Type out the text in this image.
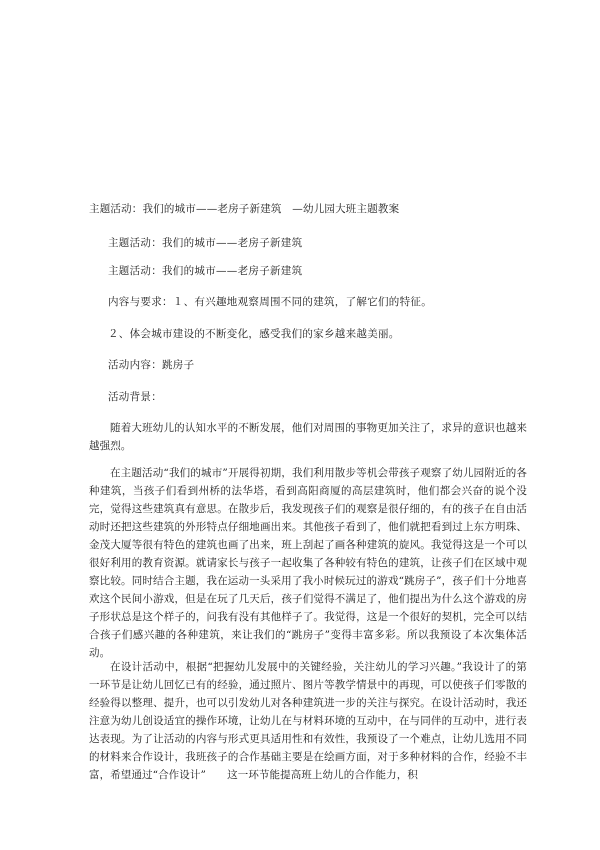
主题活动：我们的城市——老房子新建筑　—幼儿园大班主题教案
主题活动：我们的城市——老房子新建筑
主题活动：我们的城市——老房子新建筑
内容与要求：１、有兴趣地观察周围不同的建筑，了解它们的特征。
２、体会城市建设的不断变化，感受我们的家乡越来越美丽。
活动内容：跳房子
活动背景：
随着大班幼儿的认知水平的不断发展，他们对周围的事物更加关注了，求异的意识也越来越强烈。
在主题活动“我们的城市”开展得初期，我们利用散步等机会带孩子观察了幼儿园附近的各种建筑，当孩子们看到州桥的法华塔，看到高阳商厦的高层建筑时，他们都会兴奋的说个没完，觉得这些建筑真有意思。在散步后，我发现孩子们的观察是很仔细的，有的孩子在自由活动时还把这些建筑的外形特点仔细地画出来。其他孩子看到了，他们就把看到过上东方明珠、金茂大厦等很有特色的建筑也画了出来，班上刮起了画各种建筑的旋风。我觉得这是一个可以很好利用的教育资源。就请家长与孩子一起收集了各种较有特色的建筑，让孩子们在区域中观察比较。同时结合主题，我在运动一头采用了我小时候玩过的游戏“跳房子”，孩子们十分地喜欢这个民间小游戏，但是在玩了几天后，孩子们觉得不满足了，他们提出为什么这个游戏的房子形状总是这个样子的，问我有没有其他样子了。我觉得，这是一个很好的契机，完全可以结合孩子们感兴趣的各种建筑，来让我们的“跳房子”变得丰富多彩。所以我预设了本次集体活动。
在设计活动中，根据“把握幼儿发展中的关键经验，关注幼儿的学习兴趣。”我设计了的第一环节是让幼儿回忆已有的经验，通过照片、图片等教学情景中的再现，可以使孩子们零散的经验得以整理、提升，也可以引发幼儿对各种建筑进一步的关注与探究。在设计活动时，我还注意为幼儿创设适宜的操作环境，让幼儿在与材料环境的互动中，在与同伴的互动中，进行表达表现。为了让活动的内容与形式更具适用性和有效性，我预设了一个难点，让幼儿选用不同的材料来合作设计，我班孩子的合作基础主要是在绘画方面，对于多种材料的合作，经验不丰富，希望通过“合作设计”　　这一环节能提高班上幼儿的合作能力，积
